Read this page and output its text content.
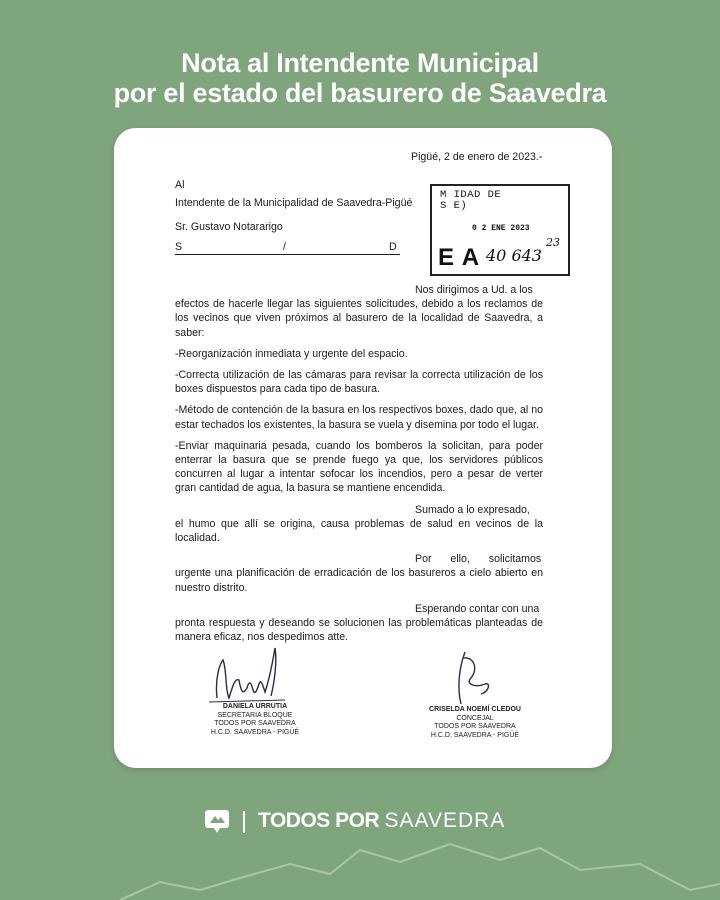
Nota al Intendente Municipal
por el estado del basurero de Saavedra
Pigüé, 2 de enero de 2023.-
Al
Intendente de la Municipalidad de Saavedra-Pigüé
Sr. Gustavo Notararigo
S	/	D
Nos dirigimos a Ud. a los
efectos de hacerle llegar las siguientes solicitudes, debido a los reclamos de los vecinos que viven próximos al basurero de la localidad de Saavedra, a saber:
-Reorganización inmediata y urgente del espacio.
-Correcta utilización de las cámaras para revisar la correcta utilización de los boxes dispuestos para cada tipo de basura.
-Método de contención de la basura en los respectivos boxes, dado que, al no estar techados los existentes, la basura se vuela y disemina por todo el lugar.
-Enviar maquinaria pesada, cuando los bomberos la solicitan, para poder enterrar la basura que se prende fuego ya que, los servidores públicos concurren al lugar a intentar sofocar los incendios, pero a pesar de verter gran cantidad de agua, la basura se mantiene encendida.
Sumado a lo expresado,
el humo que allí se origina, causa problemas de salud en vecinos de la localidad.
Por ello, solicitamos
urgente una planificación de erradicación de los basureros a cielo abierto en nuestro distrito.
Esperando contar con una
pronta respuesta y deseando se solucionen las problemáticas planteadas de manera eficaz, nos despedimos atte.
M IDAD DE
S E)
0 2 ENE 2023
E A 40 643
23
DANIELA URRUTIA
SECRETARIA BLOQUE
TODOS POR SAAVEDRA
H.C.D. SAAVEDRA - PIGÜÉ
CRISELDA NOEMÍ CLEDOU
CONCEJAL
TODOS POR SAAVEDRA
H.C.D. SAAVEDRA - PIGÜÉ
TODOS POR SAAVEDRA
